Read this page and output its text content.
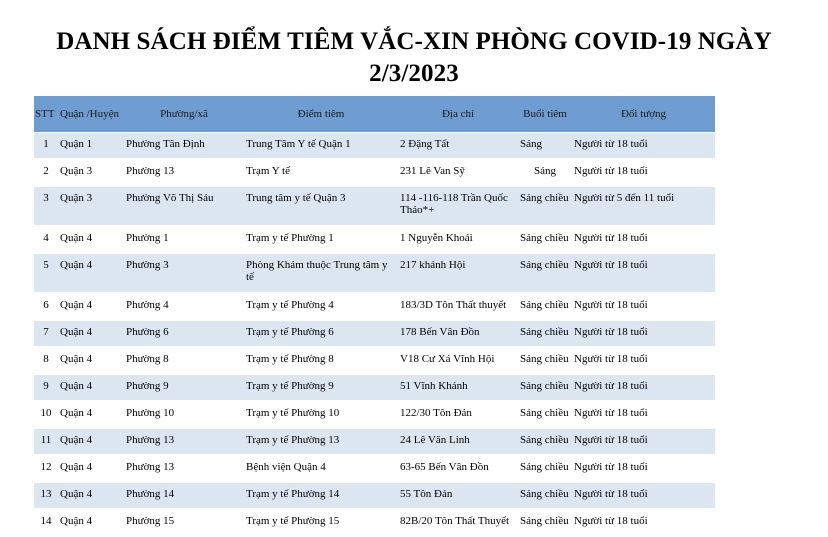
DANH SÁCH ĐIỂM TIÊM VẮC-XIN PHÒNG COVID-19 NGÀY
2/3/2023
STT	Quận /Huyện	Phường/xã	Điểm tiêm	Địa chỉ	Buổi tiêm	Đối tượng
1	Quận 1	Phường Tân Định	Trung Tâm Y tế Quận 1	2 Đặng Tất	Sáng	Người từ 18 tuổi
2	Quận 3	Phường 13	Trạm Y tế	231 Lê Van Sỹ	Sáng	Người từ 18 tuổi
3	Quận 3	Phường Võ Thị Sáu	Trung tâm y tế Quận 3	114 -116-118 Trần Quốc Thảo*+	Sáng chiều	Người từ 5 đến 11 tuổi
4	Quận 4	Phường 1	Trạm y tế Phường 1	1 Nguyễn Khoái	Sáng chiều	Người từ 18 tuổi
5	Quận 4	Phường 3	Phòng Khám thuộc Trung tâm y tế	217 khánh Hội	Sáng chiều	Người từ 18 tuổi
6	Quận 4	Phường 4	Trạm y tế Phường 4	183/3D Tôn Thất thuyết	Sáng chiều	Người từ 18 tuổi
7	Quận 4	Phường 6	Trạm y tế Phường 6	178 Bến Vân Đồn	Sáng chiều	Người từ 18 tuổi
8	Quận 4	Phường 8	Trạm y tế Phường 8	V18 Cư Xá Vĩnh Hội	Sáng chiều	Người từ 18 tuổi
9	Quận 4	Phường 9	Trạm y tế Phường 9	51 Vĩnh Khánh	Sáng chiều	Người từ 18 tuổi
10	Quận 4	Phường 10	Trạm y tế Phường 10	122/30 Tôn Đản	Sáng chiều	Người từ 18 tuổi
11	Quận 4	Phường 13	Trạm y tế Phường 13	24 Lê Văn Linh	Sáng chiều	Người từ 18 tuổi
12	Quận 4	Phường 13	Bệnh viện Quận 4	63-65 Bến Vân Đồn	Sáng chiều	Người từ 18 tuổi
13	Quận 4	Phường 14	Trạm y tế Phường 14	55 Tôn Đản	Sáng chiều	Người từ 18 tuổi
14	Quận 4	Phường 15	Trạm y tế Phường 15	82B/20 Tôn Thất Thuyết	Sáng chiều	Người từ 18 tuổi
